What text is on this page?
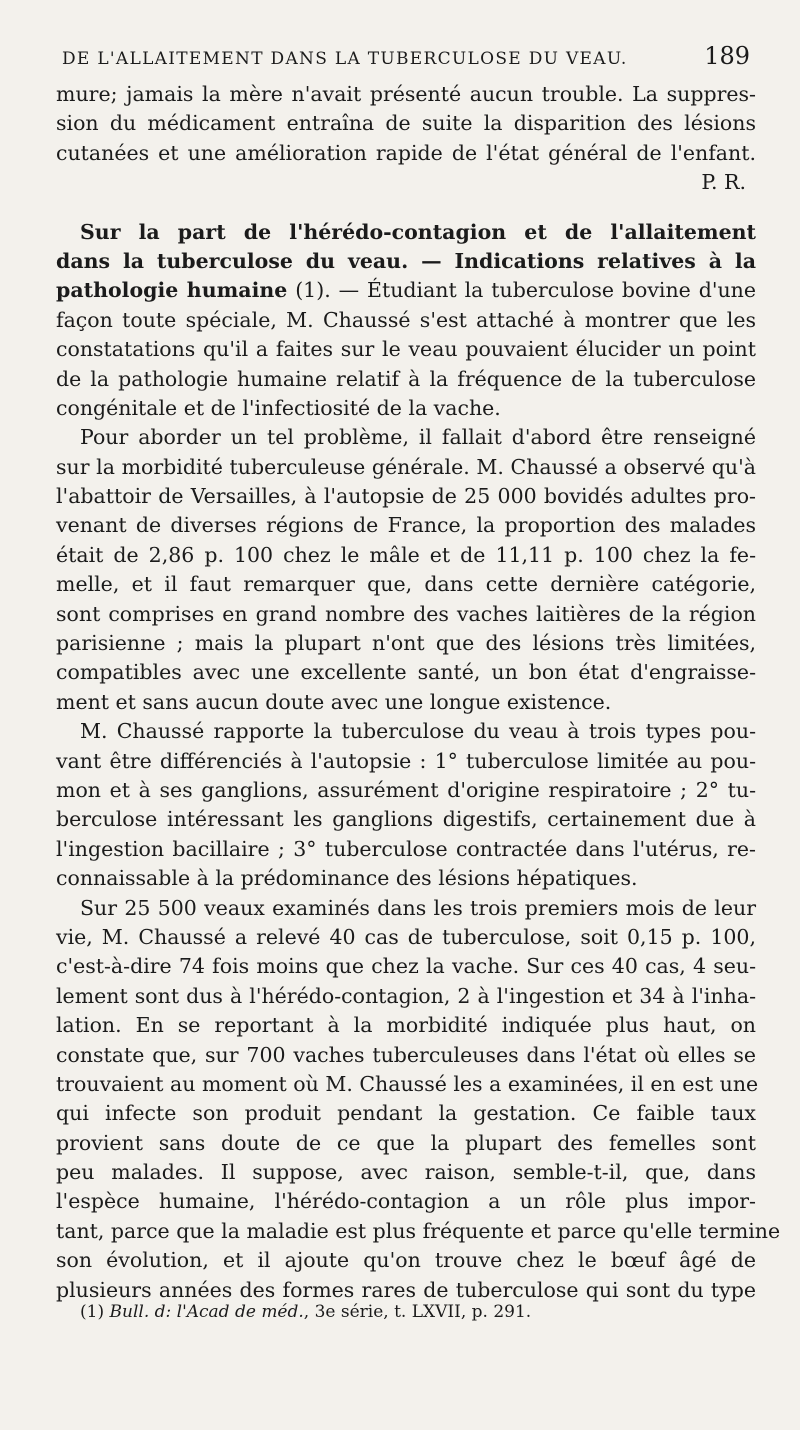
DE L'ALLAITEMENT DANS LA TUBERCULOSE DU VEAU.	189
mure; jamais la mère n'avait présenté aucun trouble. La suppres-
sion du médicament entraîna de suite la disparition des lésions
cutanées et une amélioration rapide de l'état général de l'enfant.
P. R.
Sur la part de l'hérédo-contagion et de l'allaitement
dans la tuberculose du veau. — Indications relatives à la
pathologie humaine (1). — Étudiant la tuberculose bovine d'une
façon toute spéciale, M. Chaussé s'est attaché à montrer que les
constatations qu'il a faites sur le veau pouvaient élucider un point
de la pathologie humaine relatif à la fréquence de la tuberculose
congénitale et de l'infectiosité de la vache.
Pour aborder un tel problème, il fallait d'abord être renseigné
sur la morbidité tuberculeuse générale. M. Chaussé a observé qu'à
l'abattoir de Versailles, à l'autopsie de 25 000 bovidés adultes pro-
venant de diverses régions de France, la proportion des malades
était de 2,86 p. 100 chez le mâle et de 11,11 p. 100 chez la fe-
melle, et il faut remarquer que, dans cette dernière catégorie,
sont comprises en grand nombre des vaches laitières de la région
parisienne ; mais la plupart n'ont que des lésions très limitées,
compatibles avec une excellente santé, un bon état d'engraisse-
ment et sans aucun doute avec une longue existence.
M. Chaussé rapporte la tuberculose du veau à trois types pou-
vant être différenciés à l'autopsie : 1° tuberculose limitée au pou-
mon et à ses ganglions, assurément d'origine respiratoire ; 2° tu-
berculose intéressant les ganglions digestifs, certainement due à
l'ingestion bacillaire ; 3° tuberculose contractée dans l'utérus, re-
connaissable à la prédominance des lésions hépatiques.
Sur 25 500 veaux examinés dans les trois premiers mois de leur
vie, M. Chaussé a relevé 40 cas de tuberculose, soit 0,15 p. 100,
c'est-à-dire 74 fois moins que chez la vache. Sur ces 40 cas, 4 seu-
lement sont dus à l'hérédo-contagion, 2 à l'ingestion et 34 à l'inha-
lation. En se reportant à la morbidité indiquée plus haut, on
constate que, sur 700 vaches tuberculeuses dans l'état où elles se
trouvaient au moment où M. Chaussé les a examinées, il en est une
qui infecte son produit pendant la gestation. Ce faible taux
provient sans doute de ce que la plupart des femelles sont
peu malades. Il suppose, avec raison, semble-t-il, que, dans
l'espèce humaine, l'hérédo-contagion a un rôle plus impor-
tant, parce que la maladie est plus fréquente et parce qu'elle termine
son évolution, et il ajoute qu'on trouve chez le bœuf âgé de
plusieurs années des formes rares de tuberculose qui sont du type
(1) Bull. d: l'Acad de méd., 3e série, t. LXVII, p. 291.
